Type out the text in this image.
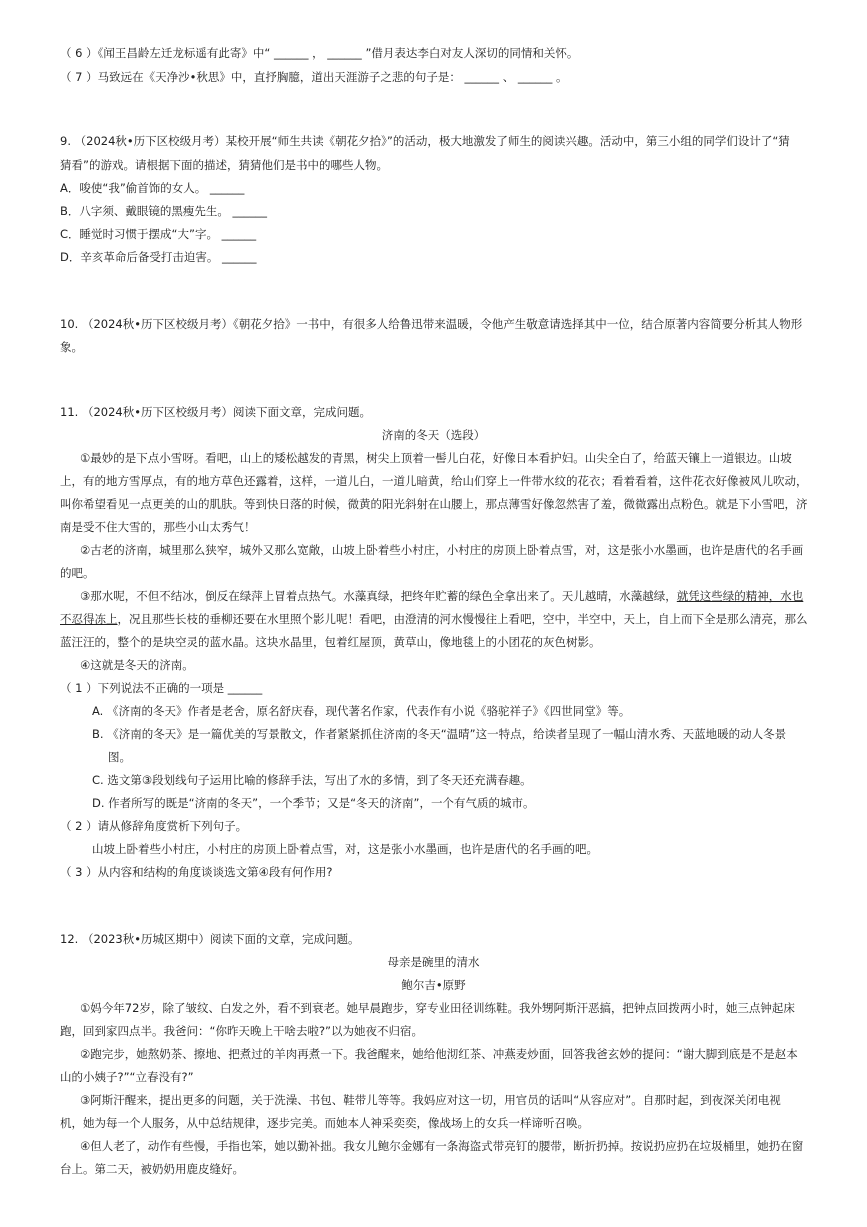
（ 6 ）《闻王昌龄左迁龙标遥有此寄》中“ ______ ， ______ ”借月表达李白对友人深切的同情和关怀。
（ 7 ）马致远在《天净沙•秋思》中，直抒胸臆，道出天涯游子之悲的句子是： ______ 、 ______ 。
9. （2024秋•历下区校级月考）某校开展“师生共读《朝花夕拾》”的活动，极大地激发了师生的阅读兴趣。活动中，第三小组的同学们设计了“猜
猜看”的游戏。请根据下面的描述，猜猜他们是书中的哪些人物。
A．唆使“我”偷首饰的女人。 ______
B．八字须、戴眼镜的黑瘦先生。 ______
C．睡觉时习惯于摆成“大”字。 ______
D．辛亥革命后备受打击迫害。 ______
10. （2024秋•历下区校级月考）《朝花夕拾》一书中，有很多人给鲁迅带来温暖，令他产生敬意请选择其中一位，结合原著内容简要分析其人物形
象。
11. （2024秋•历下区校级月考）阅读下面文章，完成问题。
济南的冬天（选段）
①最妙的是下点小雪呀。看吧，山上的矮松越发的青黑，树尖上顶着一髻儿白花，好像日本看护妇。山尖全白了，给蓝天镶上一道银边。山坡
上，有的地方雪厚点，有的地方草色还露着，这样，一道儿白，一道儿暗黄，给山们穿上一件带水纹的花衣；看着看着，这件花衣好像被风儿吹动，
叫你希望看见一点更美的山的肌肤。等到快日落的时候，微黄的阳光斜射在山腰上，那点薄雪好像忽然害了羞，微微露出点粉色。就是下小雪吧，济
南是受不住大雪的，那些小山太秀气！
②古老的济南，城里那么狭窄，城外又那么宽敞，山坡上卧着些小村庄，小村庄的房顶上卧着点雪，对，这是张小水墨画，也许是唐代的名手画
的吧。
③那水呢，不但不结冰，倒反在绿萍上冒着点热气。水藻真绿，把终年贮蓄的绿色全拿出来了。天儿越晴，水藻越绿，就凭这些绿的精神，水也
不忍得冻上，况且那些长枝的垂柳还要在水里照个影儿呢！看吧，由澄清的河水慢慢往上看吧，空中，半空中，天上，自上而下全是那么清亮，那么
蓝汪汪的，整个的是块空灵的蓝水晶。这块水晶里，包着红屋顶，黄草山，像地毯上的小团花的灰色树影。
④这就是冬天的济南。
（ 1 ）下列说法不正确的一项是 ______
A. 《济南的冬天》作者是老舍，原名舒庆春，现代著名作家，代表作有小说《骆驼祥子》《四世同堂》等。
B. 《济南的冬天》是一篇优美的写景散文，作者紧紧抓住济南的冬天“温晴”这一特点，给读者呈现了一幅山清水秀、天蓝地暖的动人冬景
图。
C. 选文第③段划线句子运用比喻的修辞手法，写出了水的多情，到了冬天还充满春趣。
D. 作者所写的既是“济南的冬天”，一个季节；又是“冬天的济南”，一个有气质的城市。
（ 2 ）请从修辞角度赏析下列句子。
山坡上卧着些小村庄，小村庄的房顶上卧着点雪，对，这是张小水墨画，也许是唐代的名手画的吧。
（ 3 ）从内容和结构的角度谈谈选文第④段有何作用?
12. （2023秋•历城区期中）阅读下面的文章，完成问题。
母亲是碗里的清水
鲍尔吉•原野
①妈今年72岁，除了皱纹、白发之外，看不到衰老。她早晨跑步，穿专业田径训练鞋。我外甥阿斯汗恶搞，把钟点回拨两小时，她三点钟起床
跑，回到家四点半。我爸问：“你昨天晚上干啥去啦?”以为她夜不归宿。
②跑完步，她熬奶茶、擦地、把煮过的羊肉再煮一下。我爸醒来，她给他沏红茶、冲燕麦炒面，回答我爸玄妙的提问：“谢大脚到底是不是赵本
山的小姨子?”“立春没有?”
③阿斯汗醒来，提出更多的问题，关于洗澡、书包、鞋带儿等等。我妈应对这一切，用官员的话叫“从容应对”。自那时起，到夜深关闭电视
机，她为每一个人服务，从中总结规律，逐步完美。而她本人神采奕奕，像战场上的女兵一样谛听召唤。
④但人老了，动作有些慢，手指也笨，她以勤补拙。我女儿鲍尔金娜有一条海盗式带亮钉的腰带，断折扔掉。按说扔应扔在垃圾桶里，她扔在窗
台上。第二天，被奶奶用鹿皮缝好。
